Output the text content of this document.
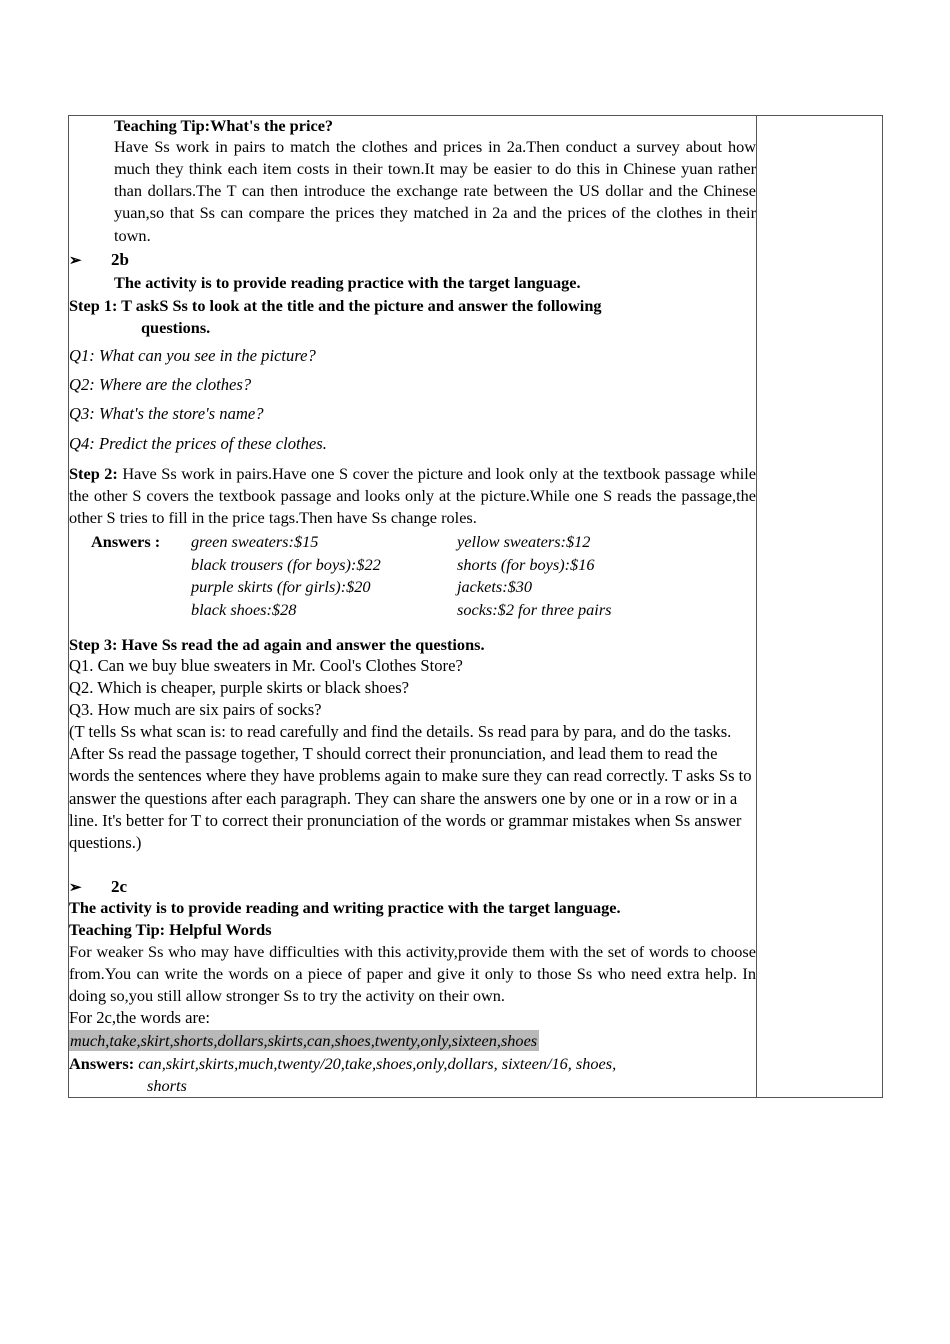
Teaching Tip:What's the price?
Have Ss work in pairs to match the clothes and prices in 2a.Then conduct a survey about how much they think each item costs in their town.It may be easier to do this in Chinese yuan rather than dollars.The T can then introduce the exchange rate between the US dollar and the Chinese yuan,so that Ss can compare the prices they matched in 2a and the prices of the clothes in their town.
➢	2b
The activity is to provide reading practice with the target language.
Step 1: T askS Ss to look at the title and the picture and answer the following
questions.
Q1: What can you see in the picture?
Q2: Where are the clothes?
Q3: What's the store's name?
Q4: Predict the prices of these clothes.
Step 2: Have Ss work in pairs.Have one S cover the picture and look only at the textbook passage while the other S covers the textbook passage and looks only at the picture.While one S reads the passage,the other S tries to fill in the price tags.Then have Ss change roles.
Answers :	green sweaters:$15	yellow sweaters:$12
black trousers (for boys):$22	shorts (for boys):$16
purple skirts (for girls):$20	jackets:$30
black shoes:$28	socks:$2 for three pairs
Step 3: Have Ss read the ad again and answer the questions.
Q1. Can we buy blue sweaters in Mr. Cool's Clothes Store?
Q2. Which is cheaper, purple skirts or black shoes?
Q3. How much are six pairs of socks?
(T tells Ss what scan is: to read carefully and find the details. Ss read para by para, and do the tasks. After Ss read the passage together, T should correct their pronunciation, and lead them to read the words the sentences where they have problems again to make sure they can read correctly. T asks Ss to answer the questions after each paragraph. They can share the answers one by one or in a row or in a line. It's better for T to correct their pronunciation of the words or grammar mistakes when Ss answer questions.)
➢	2c
The activity is to provide reading and writing practice with the target language.
Teaching Tip: Helpful Words
For weaker Ss who may have difficulties with this activity,provide them with the set of words to choose from.You can write the words on a piece of paper and give it only to those Ss who need extra help. In doing so,you still allow stronger Ss to try the activity on their own.
For 2c,the words are:
much,take,skirt,shorts,dollars,skirts,can,shoes,twenty,only,sixteen,shoes
Answers: can,skirt,skirts,much,twenty/20,take,shoes,only,dollars, sixteen/16, shoes,
shorts
